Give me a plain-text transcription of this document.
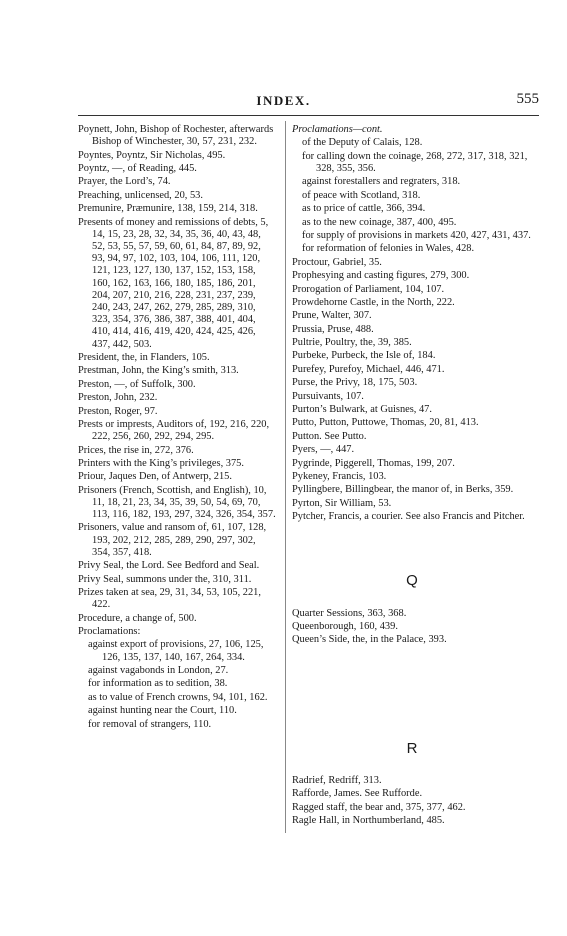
INDEX.	555
Poynett, John, Bishop of Rochester, afterwards Bishop of Winchester, 30, 57, 231, 232.
Poyntes, Poyntz, Sir Nicholas, 495.
Poyntz, —, of Reading, 445.
Prayer, the Lord’s, 74.
Preaching, unlicensed, 20, 53.
Premunire, Præmunire, 138, 159, 214, 318.
Presents of money and remissions of debts, 5, 14, 15, 23, 28, 32, 34, 35, 36, 40, 43, 48, 52, 53, 55, 57, 59, 60, 61, 84, 87, 89, 92, 93, 94, 97, 102, 103, 104, 106, 111, 120, 121, 123, 127, 130, 137, 152, 153, 158, 160, 162, 163, 166, 180, 185, 186, 201, 204, 207, 210, 216, 228, 231, 237, 239, 240, 243, 247, 262, 279, 285, 289, 310, 323, 354, 376, 386, 387, 388, 401, 404, 410, 414, 416, 419, 420, 424, 425, 426, 437, 442, 503.
President, the, in Flanders, 105.
Prestman, John, the King’s smith, 313.
Preston, —, of Suffolk, 300.
Preston, John, 232.
Preston, Roger, 97.
Prests or imprests, Auditors of, 192, 216, 220, 222, 256, 260, 292, 294, 295.
Prices, the rise in, 272, 376.
Printers with the King’s privileges, 375.
Priour, Jaques Den, of Antwerp, 215.
Prisoners (French, Scottish, and English), 10, 11, 18, 21, 23, 34, 35, 39, 50, 54, 69, 70, 113, 116, 182, 193, 297, 324, 326, 354, 357.
Prisoners, value and ransom of, 61, 107, 128, 193, 202, 212, 285, 289, 290, 297, 302, 354, 357, 418.
Privy Seal, the Lord. See Bedford and Seal.
Privy Seal, summons under the, 310, 311.
Prizes taken at sea, 29, 31, 34, 53, 105, 221, 422.
Procedure, a change of, 500.
Proclamations:
against export of provisions, 27, 106, 125, 126, 135, 137, 140, 167, 264, 334.
against vagabonds in London, 27.
for information as to sedition, 38.
as to value of French crowns, 94, 101, 162.
against hunting near the Court, 110.
for removal of strangers, 110.
Proclamations—cont.
of the Deputy of Calais, 128.
for calling down the coinage, 268, 272, 317, 318, 321, 328, 355, 356.
against forestallers and regraters, 318.
of peace with Scotland, 318.
as to price of cattle, 366, 394.
as to the new coinage, 387, 400, 495.
for supply of provisions in markets 420, 427, 431, 437.
for reformation of felonies in Wales, 428.
Proctour, Gabriel, 35.
Prophesying and casting figures, 279, 300.
Prorogation of Parliament, 104, 107.
Prowdehorne Castle, in the North, 222.
Prune, Walter, 307.
Prussia, Pruse, 488.
Pultrie, Poultry, the, 39, 385.
Purbeke, Purbeck, the Isle of, 184.
Purefey, Purefoy, Michael, 446, 471.
Purse, the Privy, 18, 175, 503.
Pursuivants, 107.
Purton’s Bulwark, at Guisnes, 47.
Putto, Putton, Puttowe, Thomas, 20, 81, 413.
Putton. See Putto.
Pyers, —, 447.
Pygrinde, Piggerell, Thomas, 199, 207.
Pykeney, Francis, 103.
Pyllingbere, Billingbear, the manor of, in Berks, 359.
Pyrton, Sir William, 53.
Pytcher, Francis, a courier. See also Francis and Pitcher.
Q
Quarter Sessions, 363, 368.
Queenborough, 160, 439.
Queen’s Side, the, in the Palace, 393.
R
Radrief, Redriff, 313.
Rafforde, James. See Rufforde.
Ragged staff, the bear and, 375, 377, 462.
Ragle Hall, in Northumberland, 485.
